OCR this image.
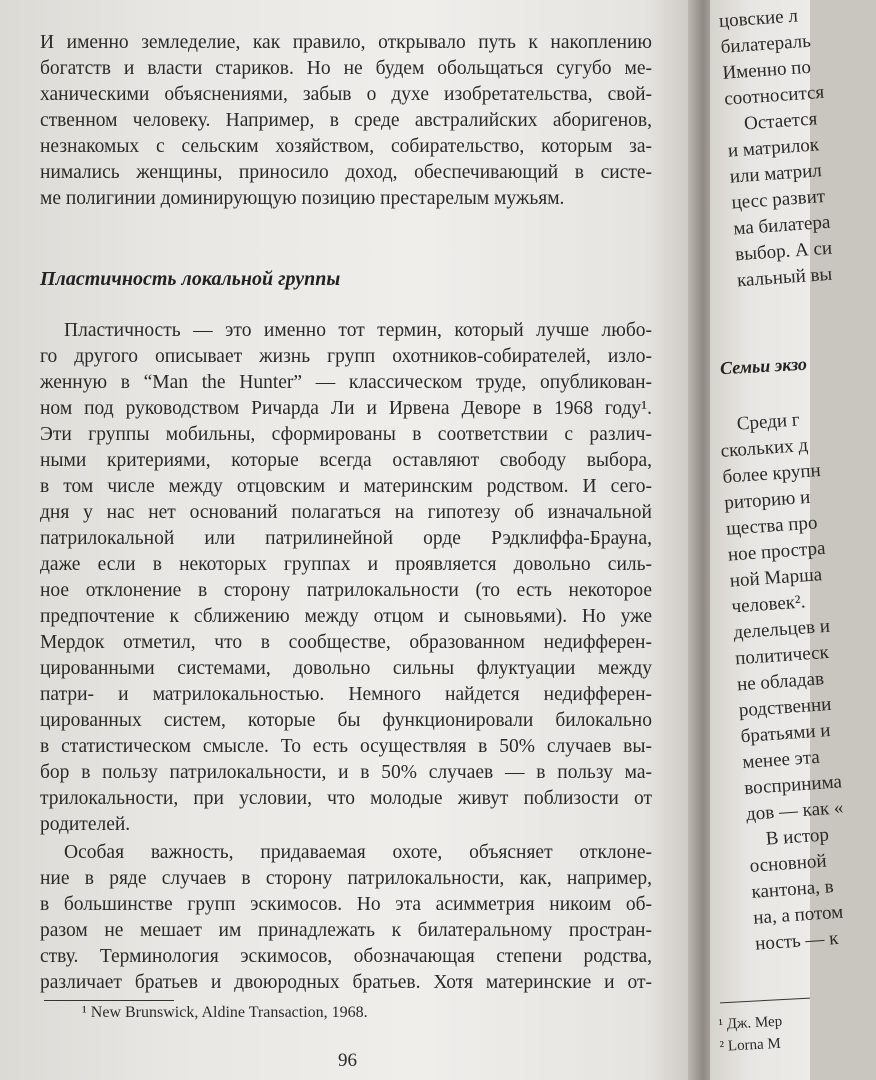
И именно земледелие, как правило, открывало путь к накоплению
богатств и власти стариков. Но не будем обольщаться сугубо ме-
ханическими объяснениями, забыв о духе изобретательства, свой-
ственном человеку. Например, в среде австралийских аборигенов,
незнакомых с сельским хозяйством, собирательство, которым за-
нимались женщины, приносило доход, обеспечивающий в систе-
ме полигинии доминирующую позицию престарелым мужьям.
Пластичность локальной группы
Пластичность — это именно тот термин, который лучше любо-
го другого описывает жизнь групп охотников-собирателей, изло-
женную в “Man the Hunter” — классическом труде, опубликован-
ном под руководством Ричарда Ли и Ирвена Деворе в 1968 году¹.
Эти группы мобильны, сформированы в соответствии с различ-
ными критериями, которые всегда оставляют свободу выбора,
в том числе между отцовским и материнским родством. И сего-
дня у нас нет оснований полагаться на гипотезу об изначальной
патрилокальной или патрилинейной орде Рэдклиффа-Брауна,
даже если в некоторых группах и проявляется довольно силь-
ное отклонение в сторону патрилокальности (то есть некоторое
предпочтение к сближению между отцом и сыновьями). Но уже
Мердок отметил, что в сообществе, образованном недифферен-
цированными системами, довольно сильны флуктуации между
патри- и матрилокальностью. Немного найдется недифферен-
цированных систем, которые бы функционировали билокально
в статистическом смысле. То есть осуществляя в 50% случаев вы-
бор в пользу патрилокальности, и в 50% случаев — в пользу ма-
трилокальности, при условии, что молодые живут поблизости от
родителей.
Особая важность, придаваемая охоте, объясняет отклоне-
ние в ряде случаев в сторону патрилокальности, как, например,
в большинстве групп эскимосов. Но эта асимметрия никоим об-
разом не мешает им принадлежать к билатеральному простран-
ству. Терминология эскимосов, обозначающая степени родства,
различает братьев и двоюродных братьев. Хотя материнские и от-
¹ New Brunswick, Aldine Transaction, 1968.
96
цовские л
билатераль
Именно по
соотносится
Остается
и матрилок
или матрил
цесс развит
ма билатера
выбор. А си
кальный вы
Семьи экзо
Среди г
скольких д
более крупн
риторию и
щества про
ное простра
ной Марша
человек².
делельцев и
политическ
не обладав
родственни
братьями и
менее эта
воспринима
дов — как «
В истор
основной
кантона, в
на, а потом
ность — к
¹ Дж. Мер
² Lorna M
